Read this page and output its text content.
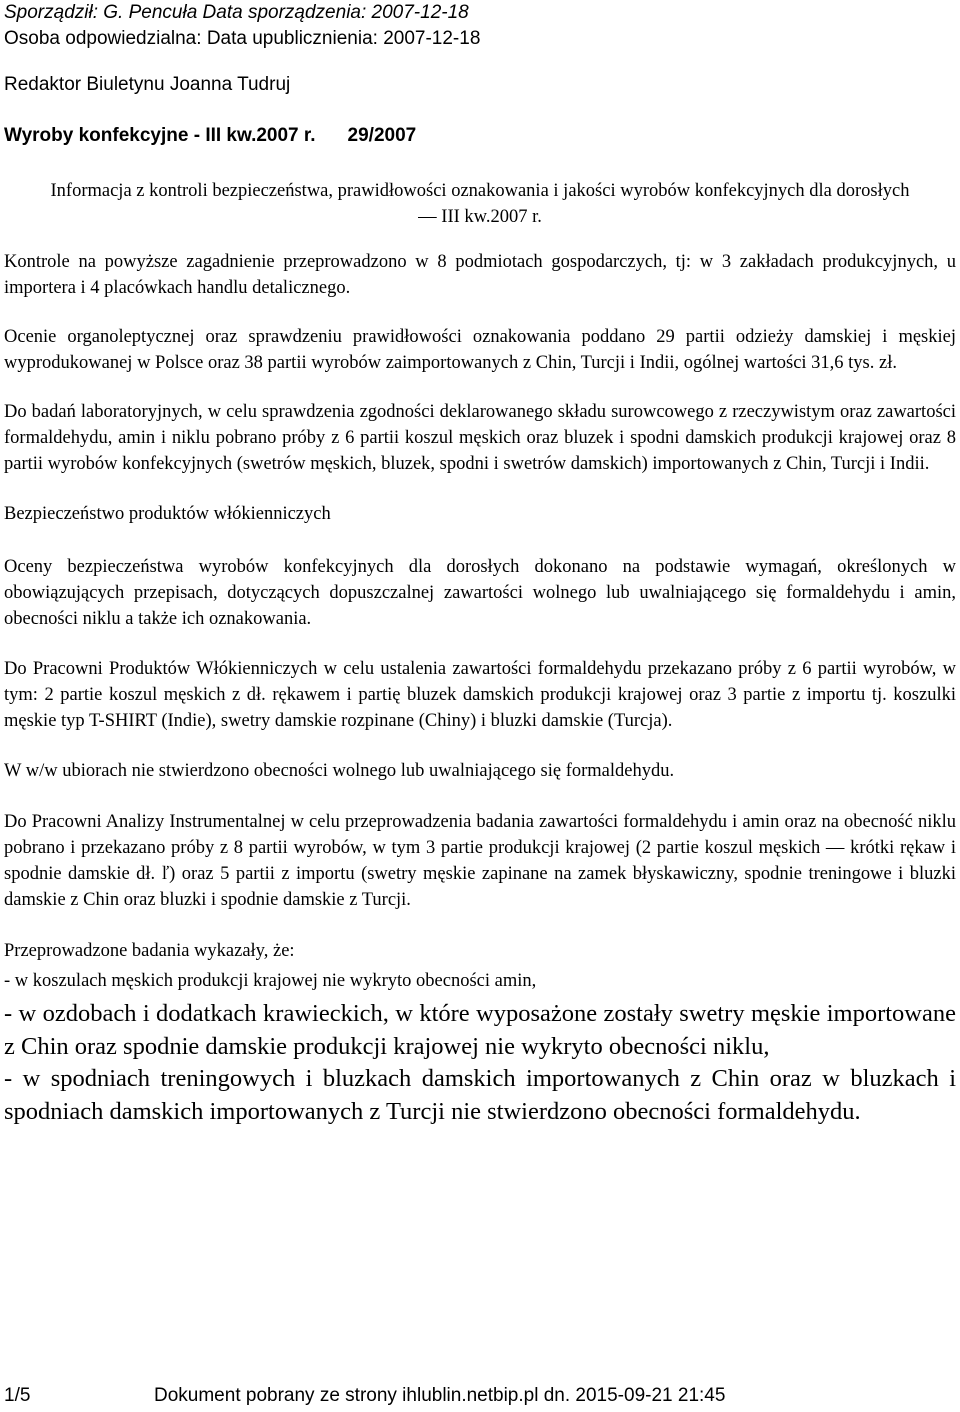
Sporządził: G. Pencuła Data sporządzenia: 2007-12-18
Osoba odpowiedzialna: Data upublicznienia: 2007-12-18
Redaktor Biuletynu Joanna Tudruj
Wyroby konfekcyjne - III kw.2007 r. 29/2007

Informacja z kontroli bezpieczeństwa, prawidłowości oznakowania i jakości wyrobów konfekcyjnych dla dorosłych — III kw.2007 r.

Kontrole na powyższe zagadnienie przeprowadzono w 8 podmiotach gospodarczych, tj: w 3 zakładach produkcyjnych, u importera i 4 placówkach handlu detalicznego.

Ocenie organoleptycznej oraz sprawdzeniu prawidłowości oznakowania poddano 29 partii odzieży damskiej i męskiej wyprodukowanej w Polsce oraz 38 partii wyrobów zaimportowanych z Chin, Turcji i Indii, ogólnej wartości 31,6 tys. zł.

Do badań laboratoryjnych, w celu sprawdzenia zgodności deklarowanego składu surowcowego z rzeczywistym oraz zawartości formaldehydu, amin i niklu pobrano próby z 6 partii koszul męskich oraz bluzek i spodni damskich produkcji krajowej oraz 8 partii wyrobów konfekcyjnych (swetrów męskich, bluzek, spodni i swetrów damskich) importowanych z Chin, Turcji i Indii.

Bezpieczeństwo produktów włókienniczych

Oceny bezpieczeństwa wyrobów konfekcyjnych dla dorosłych dokonano na podstawie wymagań, określonych w obowiązujących przepisach, dotyczących dopuszczalnej zawartości wolnego lub uwalniającego się formaldehydu i amin, obecności niklu a także ich oznakowania.

Do Pracowni Produktów Włókienniczych w celu ustalenia zawartości formaldehydu przekazano próby z 6 partii wyrobów, w tym: 2 partie koszul męskich z dł. rękawem i partię bluzek damskich produkcji krajowej oraz 3 partie z importu tj. koszulki męskie typ T-SHIRT (Indie), swetry damskie rozpinane (Chiny) i bluzki damskie (Turcja).

W w/w ubiorach nie stwierdzono obecności wolnego lub uwalniającego się formaldehydu.

Do Pracowni Analizy Instrumentalnej w celu przeprowadzenia badania zawartości formaldehydu i amin oraz na obecność niklu pobrano i przekazano próby z 8 partii wyrobów, w tym 3 partie produkcji krajowej (2 partie koszul męskich — krótki rękaw i spodnie damskie dł. ľ) oraz 5 partii z importu (swetry męskie zapinane na zamek błyskawiczny, spodnie treningowe i bluzki damskie z Chin oraz bluzki i spodnie damskie z Turcji.

Przeprowadzone badania wykazały, że:

- w koszulach męskich produkcji krajowej nie wykryto obecności amin,

- w ozdobach i dodatkach krawieckich, w które wyposażone zostały swetry męskie importowane z Chin oraz spodnie damskie produkcji krajowej nie wykryto obecności niklu,

- w spodniach treningowych i bluzkach damskich importowanych z Chin oraz w bluzkach i spodniach damskich importowanych z Turcji nie stwierdzono obecności formaldehydu.

1/5	Dokument pobrany ze strony ihlublin.netbip.pl dn. 2015-09-21 21:45
